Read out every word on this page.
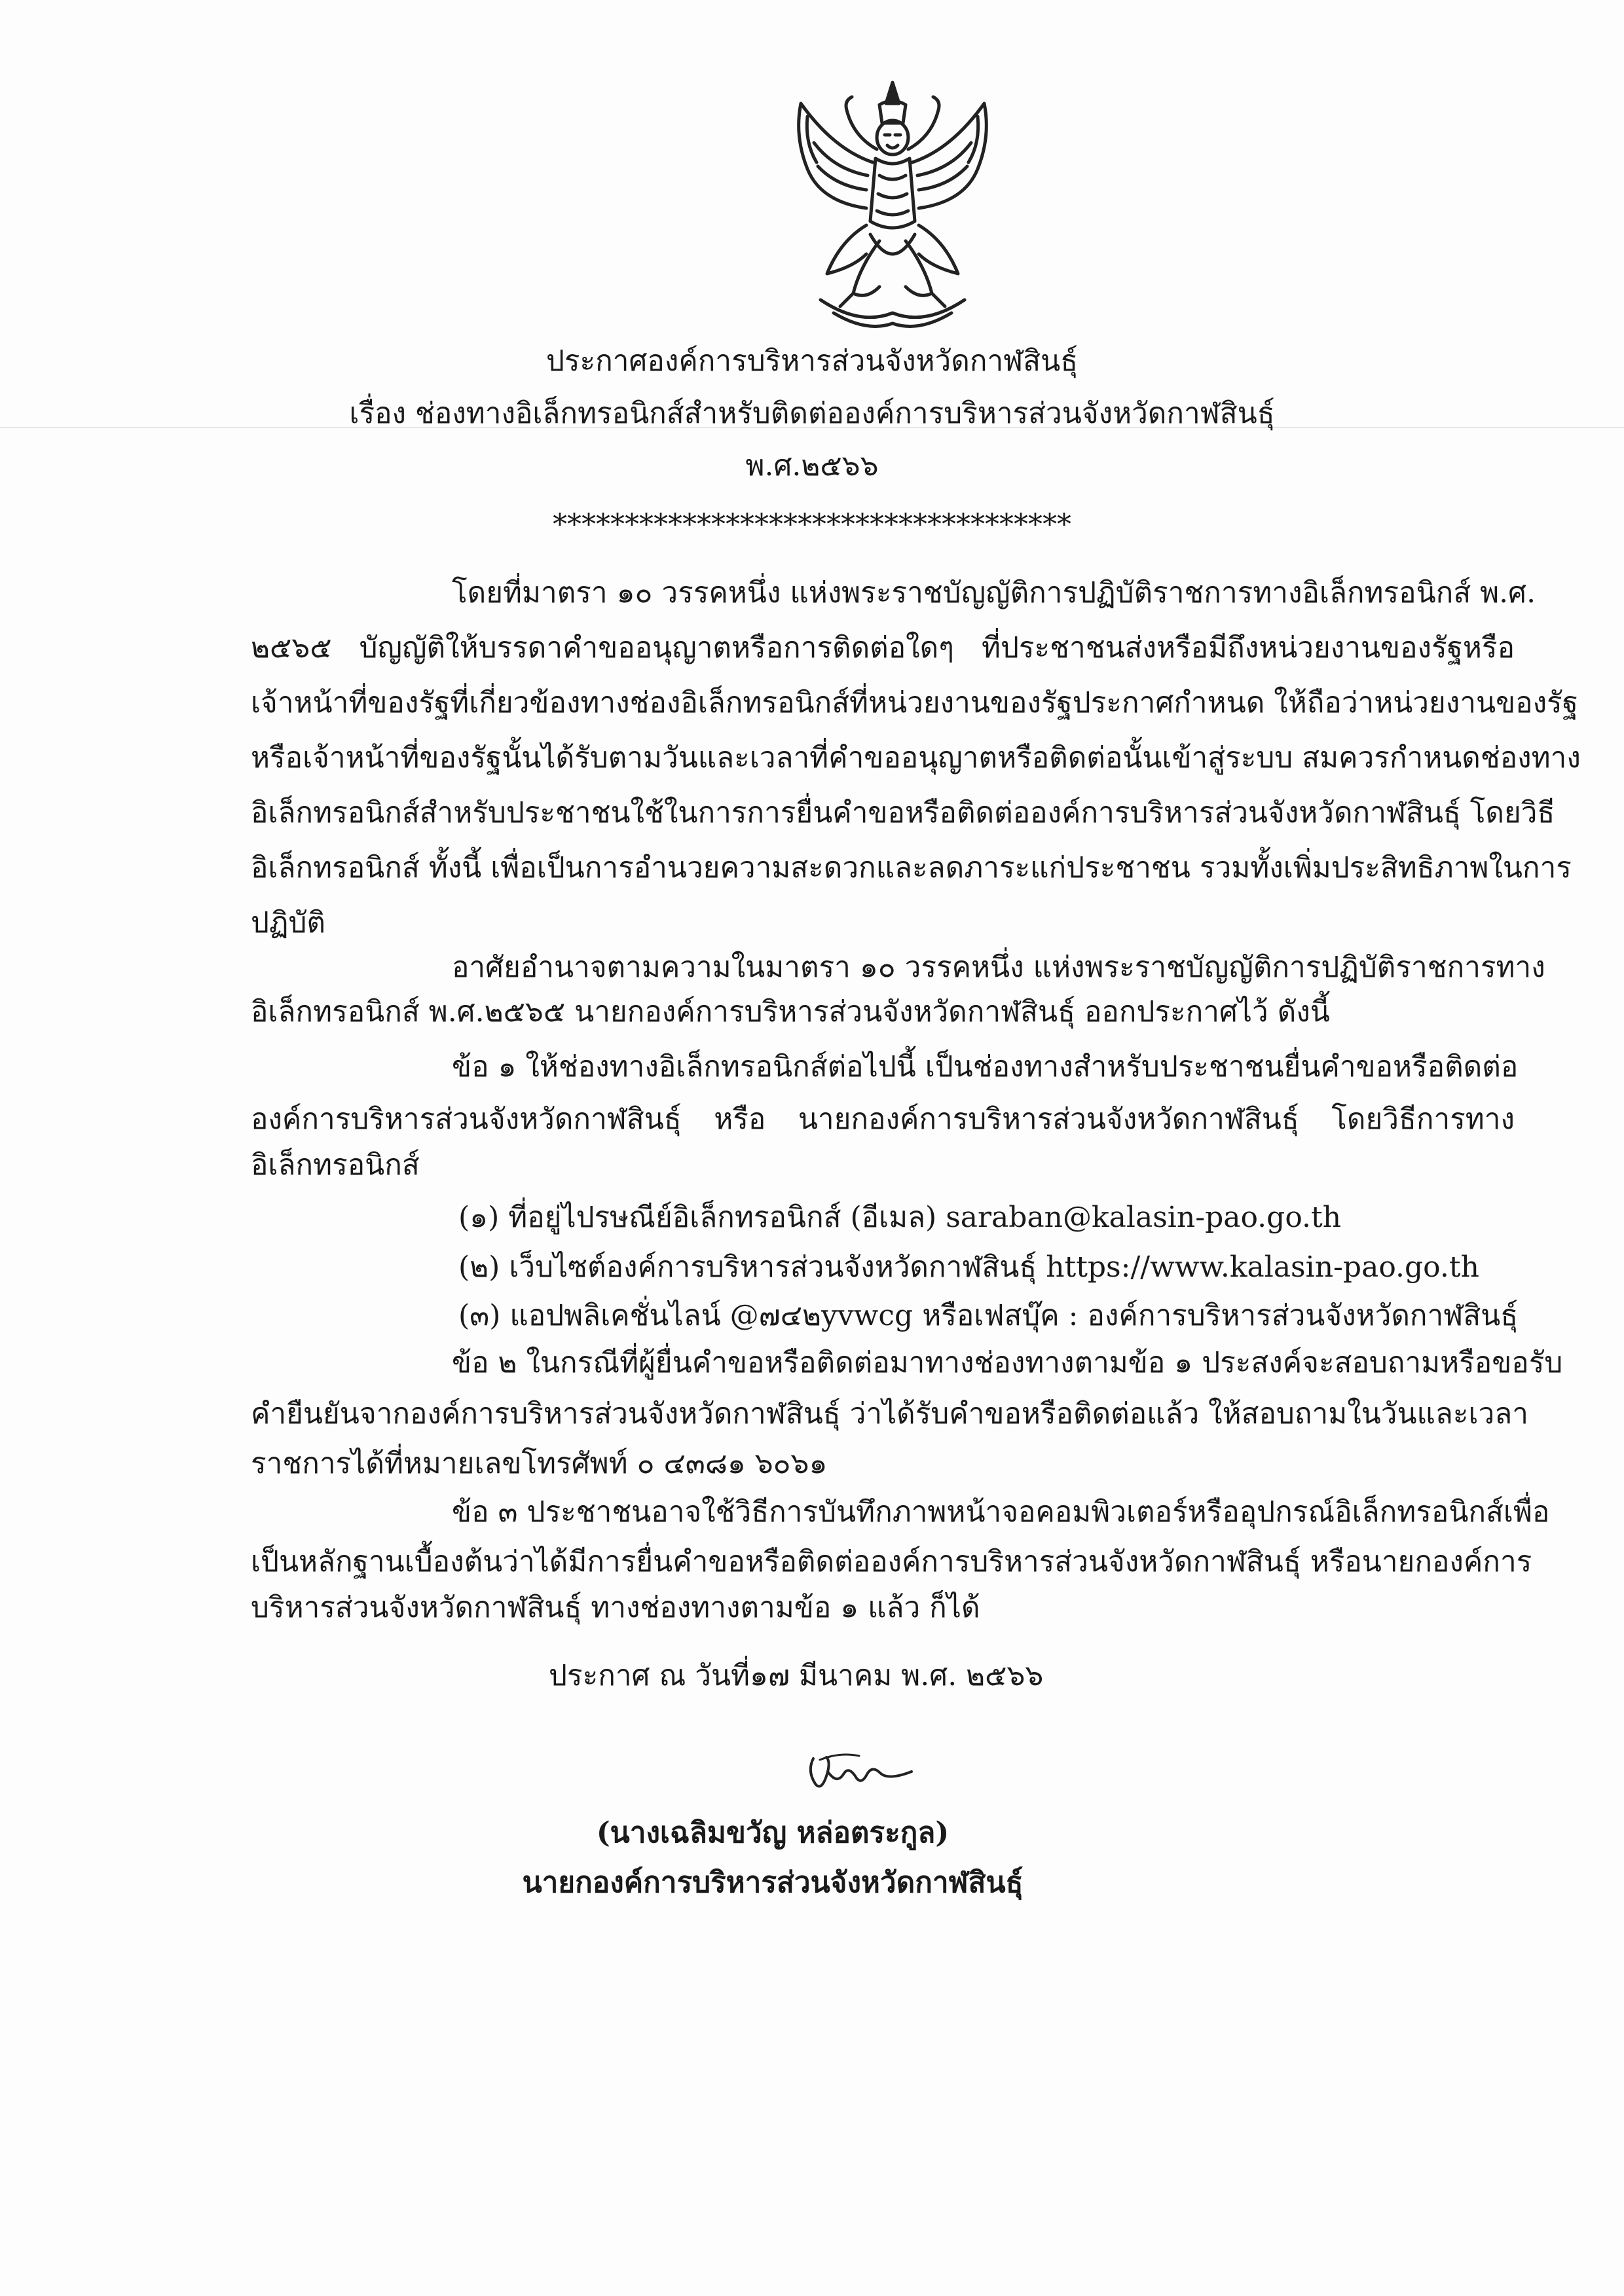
ประกาศองค์การบริหารส่วนจังหวัดกาฬสินธุ์
เรื่อง ช่องทางอิเล็กทรอนิกส์สำหรับติดต่อองค์การบริหารส่วนจังหวัดกาฬสินธุ์
พ.ศ.๒๕๖๖
************************************
โดยที่มาตรา ๑๐ วรรคหนึ่ง แห่งพระราชบัญญัติการปฏิบัติราชการทางอิเล็กทรอนิกส์ พ.ศ.
๒๕๖๕ บัญญัติให้บรรดาคำขออนุญาตหรือการติดต่อใดๆ ที่ประชาชนส่งหรือมีถึงหน่วยงานของรัฐหรือ
เจ้าหน้าที่ของรัฐที่เกี่ยวข้องทางช่องอิเล็กทรอนิกส์ที่หน่วยงานของรัฐประกาศกำหนด ให้ถือว่าหน่วยงานของรัฐ
หรือเจ้าหน้าที่ของรัฐนั้นได้รับตามวันและเวลาที่คำขออนุญาตหรือติดต่อนั้นเข้าสู่ระบบ สมควรกำหนดช่องทาง
อิเล็กทรอนิกส์สำหรับประชาชนใช้ในการการยื่นคำขอหรือติดต่อองค์การบริหารส่วนจังหวัดกาฬสินธุ์ โดยวิธี
อิเล็กทรอนิกส์ ทั้งนี้ เพื่อเป็นการอำนวยความสะดวกและลดภาระแก่ประชาชน รวมทั้งเพิ่มประสิทธิภาพในการ
ปฏิบัติ
อาศัยอำนาจตามความในมาตรา ๑๐ วรรคหนึ่ง แห่งพระราชบัญญัติการปฏิบัติราชการทาง
อิเล็กทรอนิกส์ พ.ศ.๒๕๖๕ นายกองค์การบริหารส่วนจังหวัดกาฬสินธุ์ ออกประกาศไว้ ดังนี้
ข้อ ๑ ให้ช่องทางอิเล็กทรอนิกส์ต่อไปนี้ เป็นช่องทางสำหรับประชาชนยื่นคำขอหรือติดต่อ
องค์การบริหารส่วนจังหวัดกาฬสินธุ์ หรือ นายกองค์การบริหารส่วนจังหวัดกาฬสินธุ์ โดยวิธีการทาง
อิเล็กทรอนิกส์
(๑) ที่อยู่ไปรษณีย์อิเล็กทรอนิกส์ (อีเมล) saraban@kalasin-pao.go.th
(๒) เว็บไซต์องค์การบริหารส่วนจังหวัดกาฬสินธุ์ https://www.kalasin-pao.go.th
(๓) แอปพลิเคชั่นไลน์ @๗๔๒yvwcg หรือเฟสบุ๊ค : องค์การบริหารส่วนจังหวัดกาฬสินธุ์
ข้อ ๒ ในกรณีที่ผู้ยื่นคำขอหรือติดต่อมาทางช่องทางตามข้อ ๑ ประสงค์จะสอบถามหรือขอรับ
คำยืนยันจากองค์การบริหารส่วนจังหวัดกาฬสินธุ์ ว่าได้รับคำขอหรือติดต่อแล้ว ให้สอบถามในวันและเวลา
ราชการได้ที่หมายเลขโทรศัพท์ ๐ ๔๓๘๑ ๖๐๖๑
ข้อ ๓ ประชาชนอาจใช้วิธีการบันทึกภาพหน้าจอคอมพิวเตอร์หรืออุปกรณ์อิเล็กทรอนิกส์เพื่อ
เป็นหลักฐานเบื้องต้นว่าได้มีการยื่นคำขอหรือติดต่อองค์การบริหารส่วนจังหวัดกาฬสินธุ์ หรือนายกองค์การ
บริหารส่วนจังหวัดกาฬสินธุ์ ทางช่องทางตามข้อ ๑ แล้ว ก็ได้
ประกาศ ณ วันที่๑๗ มีนาคม พ.ศ. ๒๕๖๖
(นางเฉลิมขวัญ หล่อตระกูล)
นายกองค์การบริหารส่วนจังหวัดกาฬสินธุ์
